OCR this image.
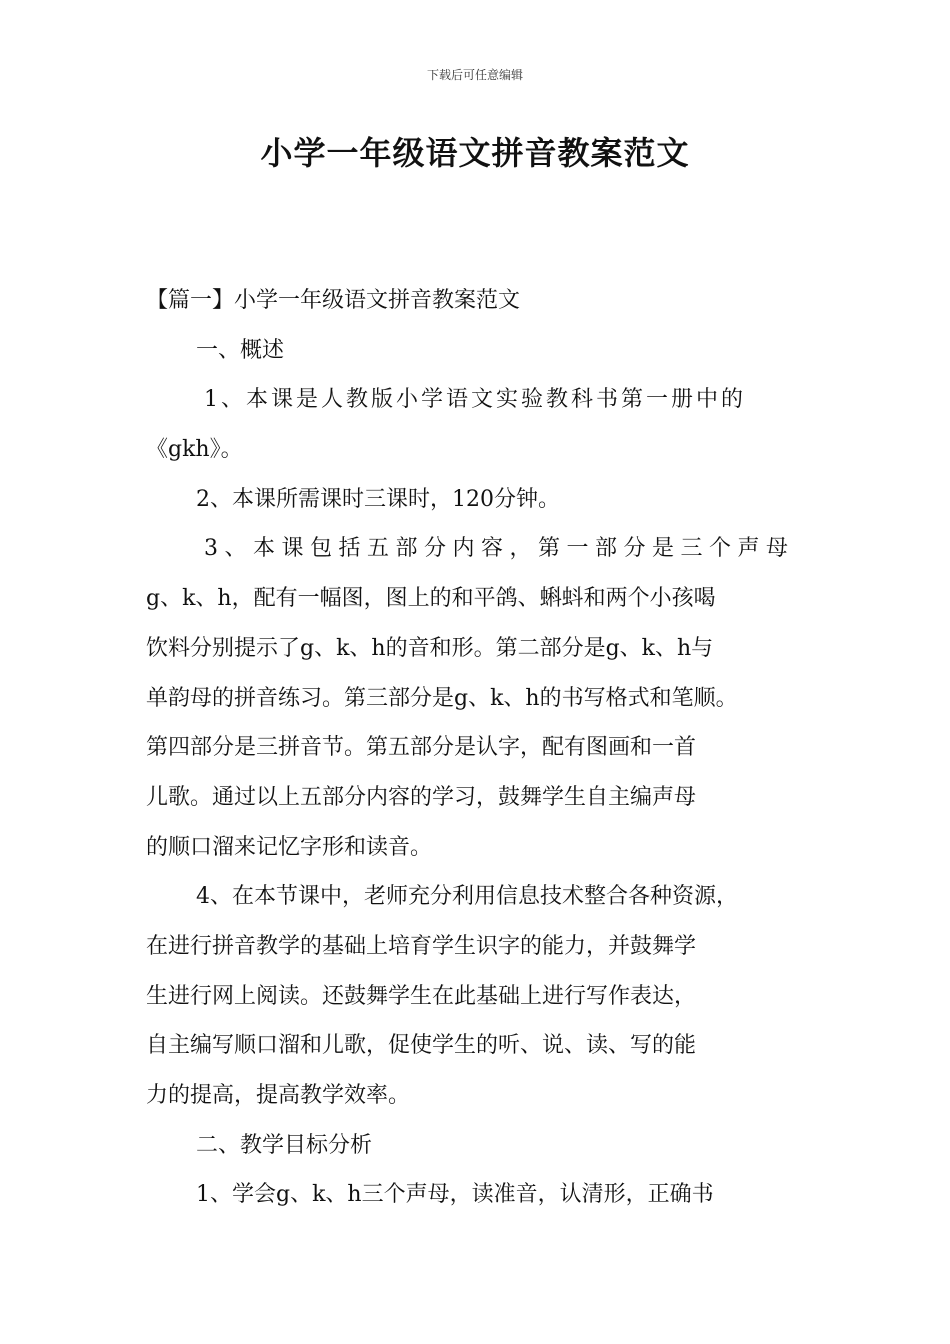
下载后可任意编辑
小学一年级语文拼音教案范文
【篇一】小学一年级语文拼音教案范文
一、概述
1、本课是人教版小学语文实验教科书第一册中的
《gkh》。
2、本课所需课时三课时，120分钟。
3、本课包括五部分内容，第一部分是三个声母
g、k、h，配有一幅图，图上的和平鸽、蝌蚪和两个小孩喝
饮料分别提示了g、k、h的音和形。第二部分是g、k、h与
单韵母的拼音练习。第三部分是g、k、h的书写格式和笔顺。
第四部分是三拼音节。第五部分是认字，配有图画和一首
儿歌。通过以上五部分内容的学习，鼓舞学生自主编声母
的顺口溜来记忆字形和读音。
4、在本节课中，老师充分利用信息技术整合各种资源，
在进行拼音教学的基础上培育学生识字的能力，并鼓舞学
生进行网上阅读。还鼓舞学生在此基础上进行写作表达，
自主编写顺口溜和儿歌，促使学生的听、说、读、写的能
力的提高，提高教学效率。
二、教学目标分析
1、学会g、k、h三个声母，读准音，认清形，正确书
